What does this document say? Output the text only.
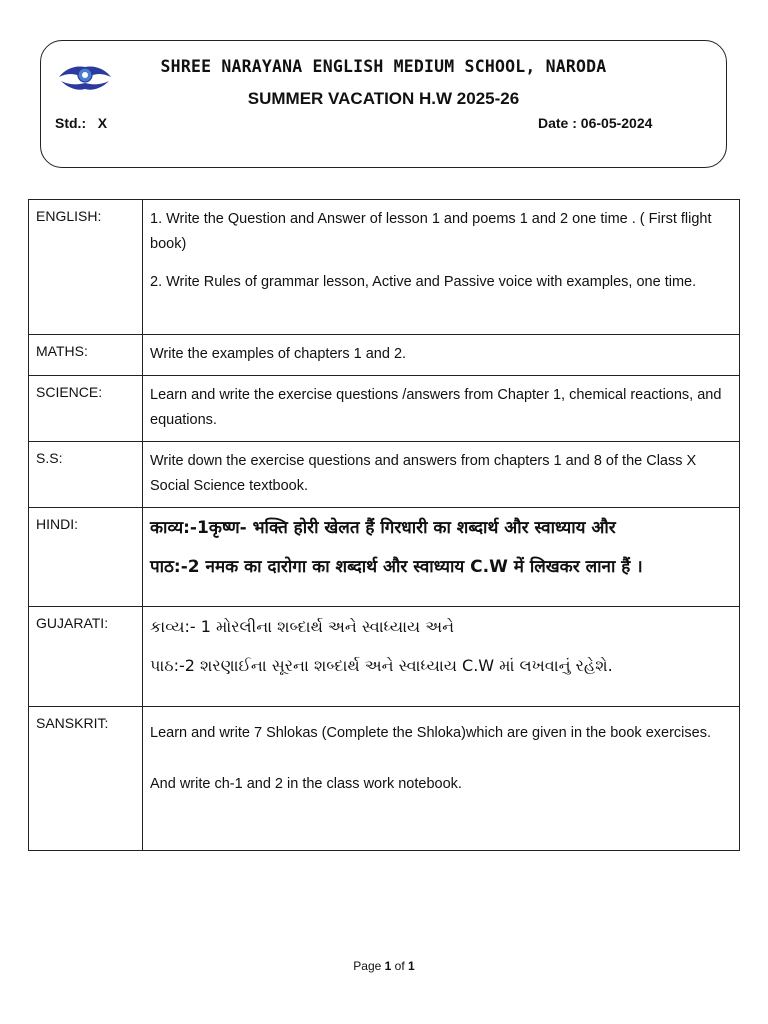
SHREE NARAYANA ENGLISH MEDIUM SCHOOL, NARODA
SUMMER VACATION H.W 2025-26
Std.: X	Date : 06-05-2024
ENGLISH:	1. Write the Question and Answer of lesson 1 and poems 1 and 2 one time . ( First flight book)

2. Write Rules of grammar lesson, Active and Passive voice with examples, one time.

MATHS:	Write the examples of chapters 1 and 2.

SCIENCE:	Learn and write the exercise questions /answers from Chapter 1, chemical reactions, and equations.

S.S:	Write down the exercise questions and answers from chapters 1 and 8 of the Class X Social Science textbook.

HINDI:	काव्य:-1कृष्ण- भक्ति होरी खेलत हैं गिरधारी का शब्दार्थ और स्वाध्याय और

पाठ:-2 नमक का दारोगा का शब्दार्थ और स्वाध्याय C.W में लिखकर लाना हैं ।

GUJARATI:	કાવ્ય:- 1 મોરલીના શબ્દાર્થ અને સ્વાધ્યાય અને

પાઠ:-2 શરણાઈના સૂરના શબ્દાર્થ અને સ્વાધ્યાય C.W માં લખવાનું રહેશે.

SANSKRIT:	Learn and write 7 Shlokas (Complete the Shloka)which are given in the book exercises.

And write ch-1 and 2 in the class work notebook.

Page 1 of 1
